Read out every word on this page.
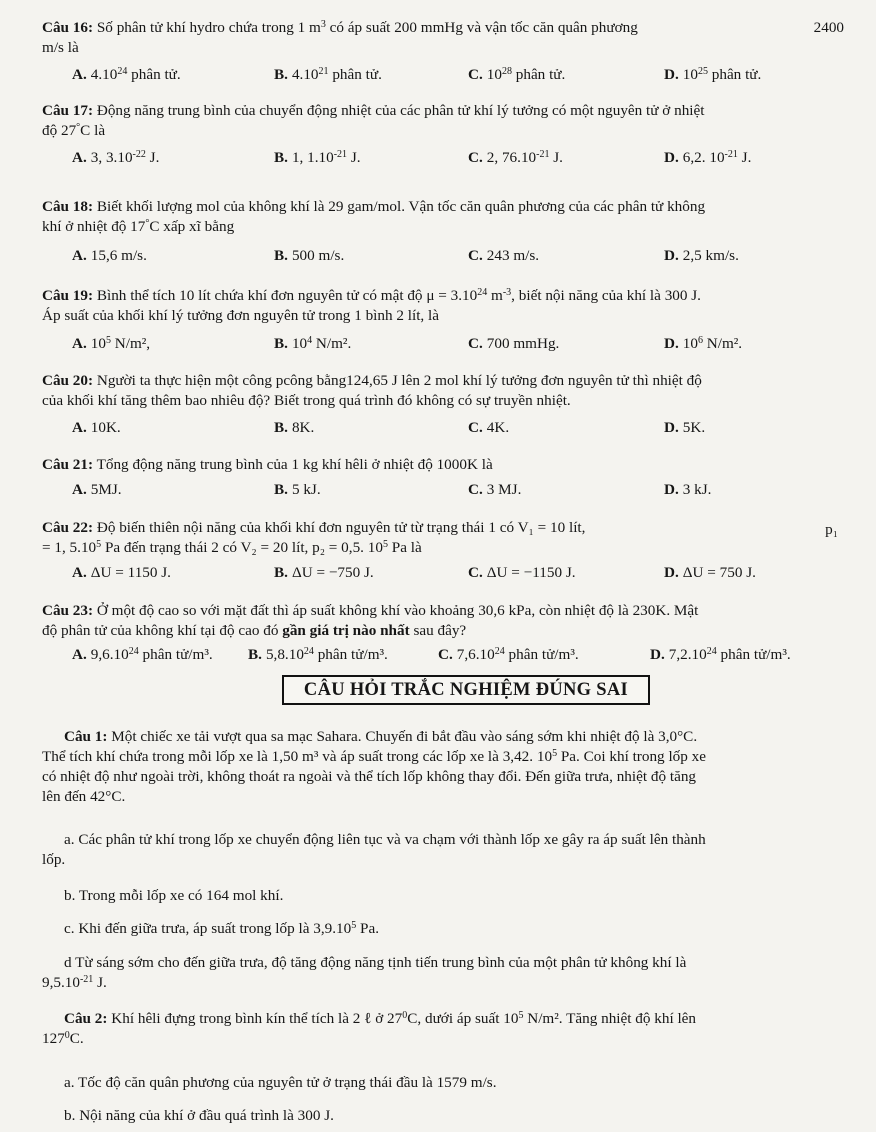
Câu 16: Số phân tử khí hydro chứa trong 1 $m^3$ có áp suất 200 mmHg và vận tốc căn quân phương	2400
m/s là
A. 4.10$^{24}$ phân tử.	B. 4.10$^{21}$ phân tử.	C. $10^{28}$ phân tử.	D. $10^{25}$ phân tử.
Câu 17: Động năng trung bình của chuyển động nhiệt của các phân tử khí lý tưởng có một nguyên tử ở nhiệt
độ 27°C là
A. 3, $3.10^{-22}$ J.	B. 1, $1.10^{-21}$ J.	C. 2, $76.10^{-21}$ J.	D. 6,2. $10^{-21}$ J.
Câu 18: Biết khối lượng mol của không khí là 29 gam/mol. Vận tốc căn quân phương của các phân tử không
khí ở nhiệt độ 17°C xấp xĩ bằng
A. 15,6 m/s.	B. 500 m/s.	C. 243 m/s.	D. 2,5 km/s.
Câu 19: Bình thể tích 10 lít chứa khí đơn nguyên tử có mật độ $\mu = 3.10^{24}$ $m^{-3}$, biết nội năng của khí là 300 J.
Áp suất của khối khí lý tưởng đơn nguyên tử trong 1 bình 2 lít, là
A. $10^5$ N/m²,	B. $10^4$ N/m².	C. 700 mmHg.	D. $10^6$ N/m².
Câu 20: Người ta thực hiện một công pcông bằng124,65 J lên 2 mol khí lý tưởng đơn nguyên tử thì nhiệt độ
của khối khí tăng thêm bao nhiêu độ? Biết trong quá trình đó không có sự truyền nhiệt.
A. 10K.	B. 8K.	C. 4K.	D. 5K.
Câu 21: Tổng động năng trung bình của 1 kg khí hêli ở nhiệt độ 1000K là
A. 5MJ.	B. 5 kJ.	C. 3 MJ.	D. 3 kJ.
Câu 22: Độ biến thiên nội năng của khối khí đơn nguyên tử từ trạng thái 1 có V₁ = 10 lít,	p₁
= 1, 5.10$^5$ Pa đến trạng thái 2 có V₂ = 20 lít, p₂ = 0,5. $10^5$ Pa là
A. ΔU = 1150 J.	B. ΔU = −750 J.	C. ΔU = −1150 J.	D. ΔU = 750 J.
Câu 23: Ở một độ cao so với mặt đất thì áp suất không khí vào khoảng 30,6 kPa, còn nhiệt độ là 230K. Mật
độ phân tử của không khí tại độ cao đó gần giá trị nào nhất sau đây?
A. 9,6.10$^{24}$ phân tử/m³. B. 5,8.10$^{24}$ phân tử/m³.	C. 7,6.10$^{24}$ phân tử/m³.	D. 7,2.10$^{24}$ phân tử/m³.
CÂU HỎI TRẮC NGHIỆM ĐÚNG SAI
Câu 1: Một chiếc xe tải vượt qua sa mạc Sahara. Chuyến đi bắt đầu vào sáng sớm khi nhiệt độ là 3,0°C.
Thể tích khí chứa trong mỗi lốp xe là 1,50 m³ và áp suất trong các lốp xe là 3,42. $10^5$ Pa. Coi khí trong lốp xe
có nhiệt độ như ngoài trời, không thoát ra ngoài và thể tích lốp không thay đổi. Đến giữa trưa, nhiệt độ tăng
lên đến 42°C.
a. Các phân tử khí trong lốp xe chuyển động liên tục và va chạm với thành lốp xe gây ra áp suất lên thành
lốp.
b. Trong mỗi lốp xe có 164 mol khí.
c. Khi đến giữa trưa, áp suất trong lốp là 3,9.10$^5$ Pa.
d Từ sáng sớm cho đến giữa trưa, độ tăng động năng tịnh tiến trung bình của một phân tử không khí là
$9,5.10^{-21}$ J.
Câu 2: Khí hêli đựng trong bình kín thể tích là 2 ℓ ở $27^0C$, dưới áp suất $10^5$ N/m². Tăng nhiệt độ khí lên
$127^0C$.
a. Tốc độ căn quân phương của nguyên tử ở trạng thái đầu là 1579 m/s.
b. Nội năng của khí ở đầu quá trình là 300 J.
